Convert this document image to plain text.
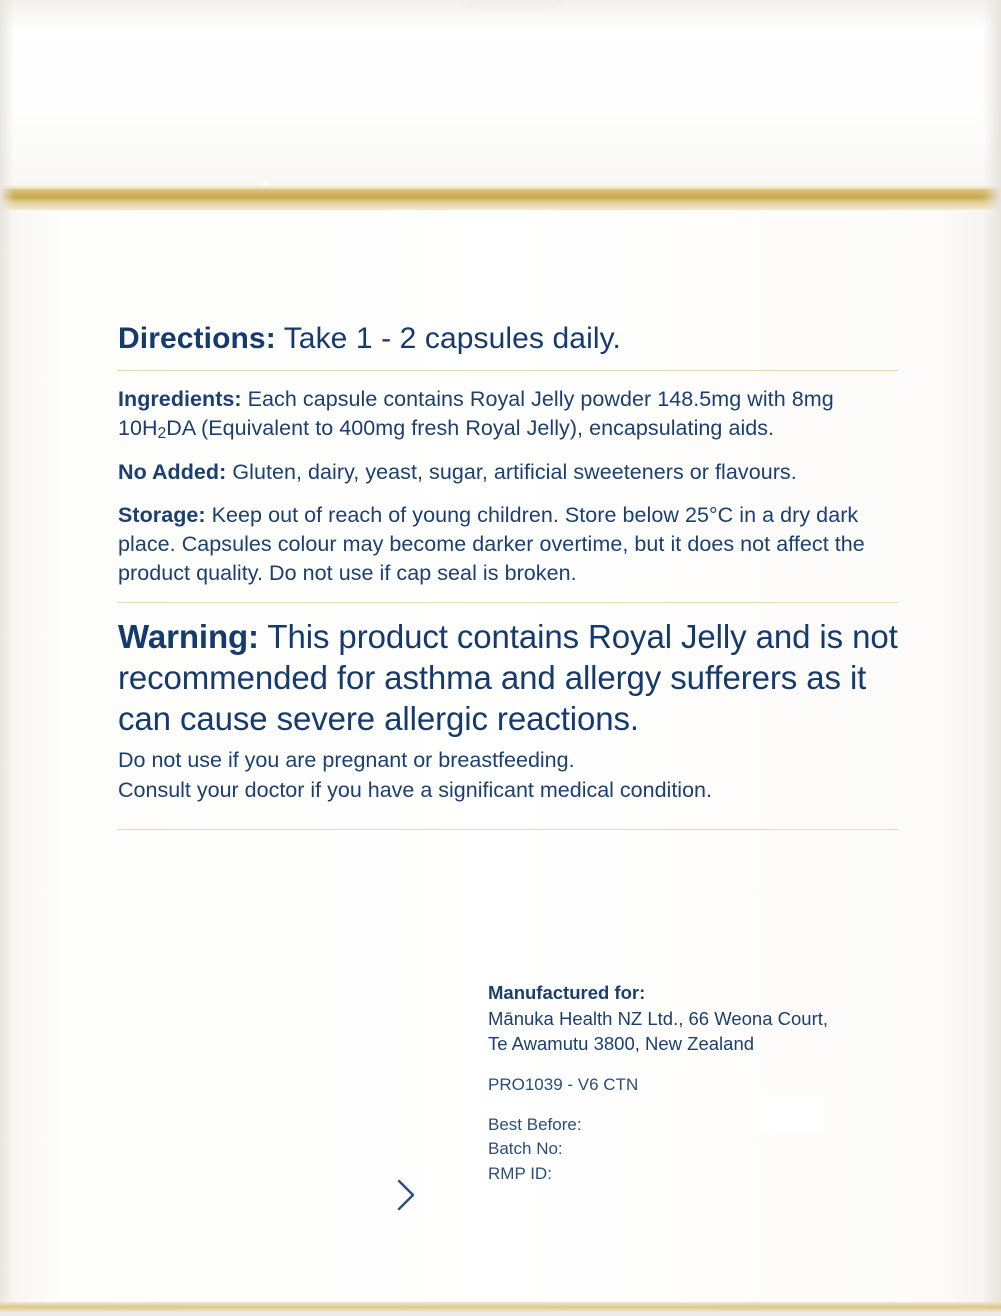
Directions: Take 1 - 2 capsules daily.

Ingredients: Each capsule contains Royal Jelly powder 148.5mg with 8mg $10H_2DA$ (Equivalent to 400mg fresh Royal Jelly), encapsulating aids.

No Added: Gluten, dairy, yeast, sugar, artificial sweeteners or flavours.

Storage: Keep out of reach of young children. Store below 25°C in a dry dark place. Capsules colour may become darker overtime, but it does not affect the product quality. Do not use if cap seal is broken.

Warning: This product contains Royal Jelly and is not recommended for asthma and allergy sufferers as it can cause severe allergic reactions.
Do not use if you are pregnant or breastfeeding.
Consult your doctor if you have a significant medical condition.
Manufactured for:
Mānuka Health NZ Ltd., 66 Weona Court,
Te Awamutu 3800, New Zealand
PRO1039 - V6 CTN
Best Before:
Batch No:
RMP ID:
